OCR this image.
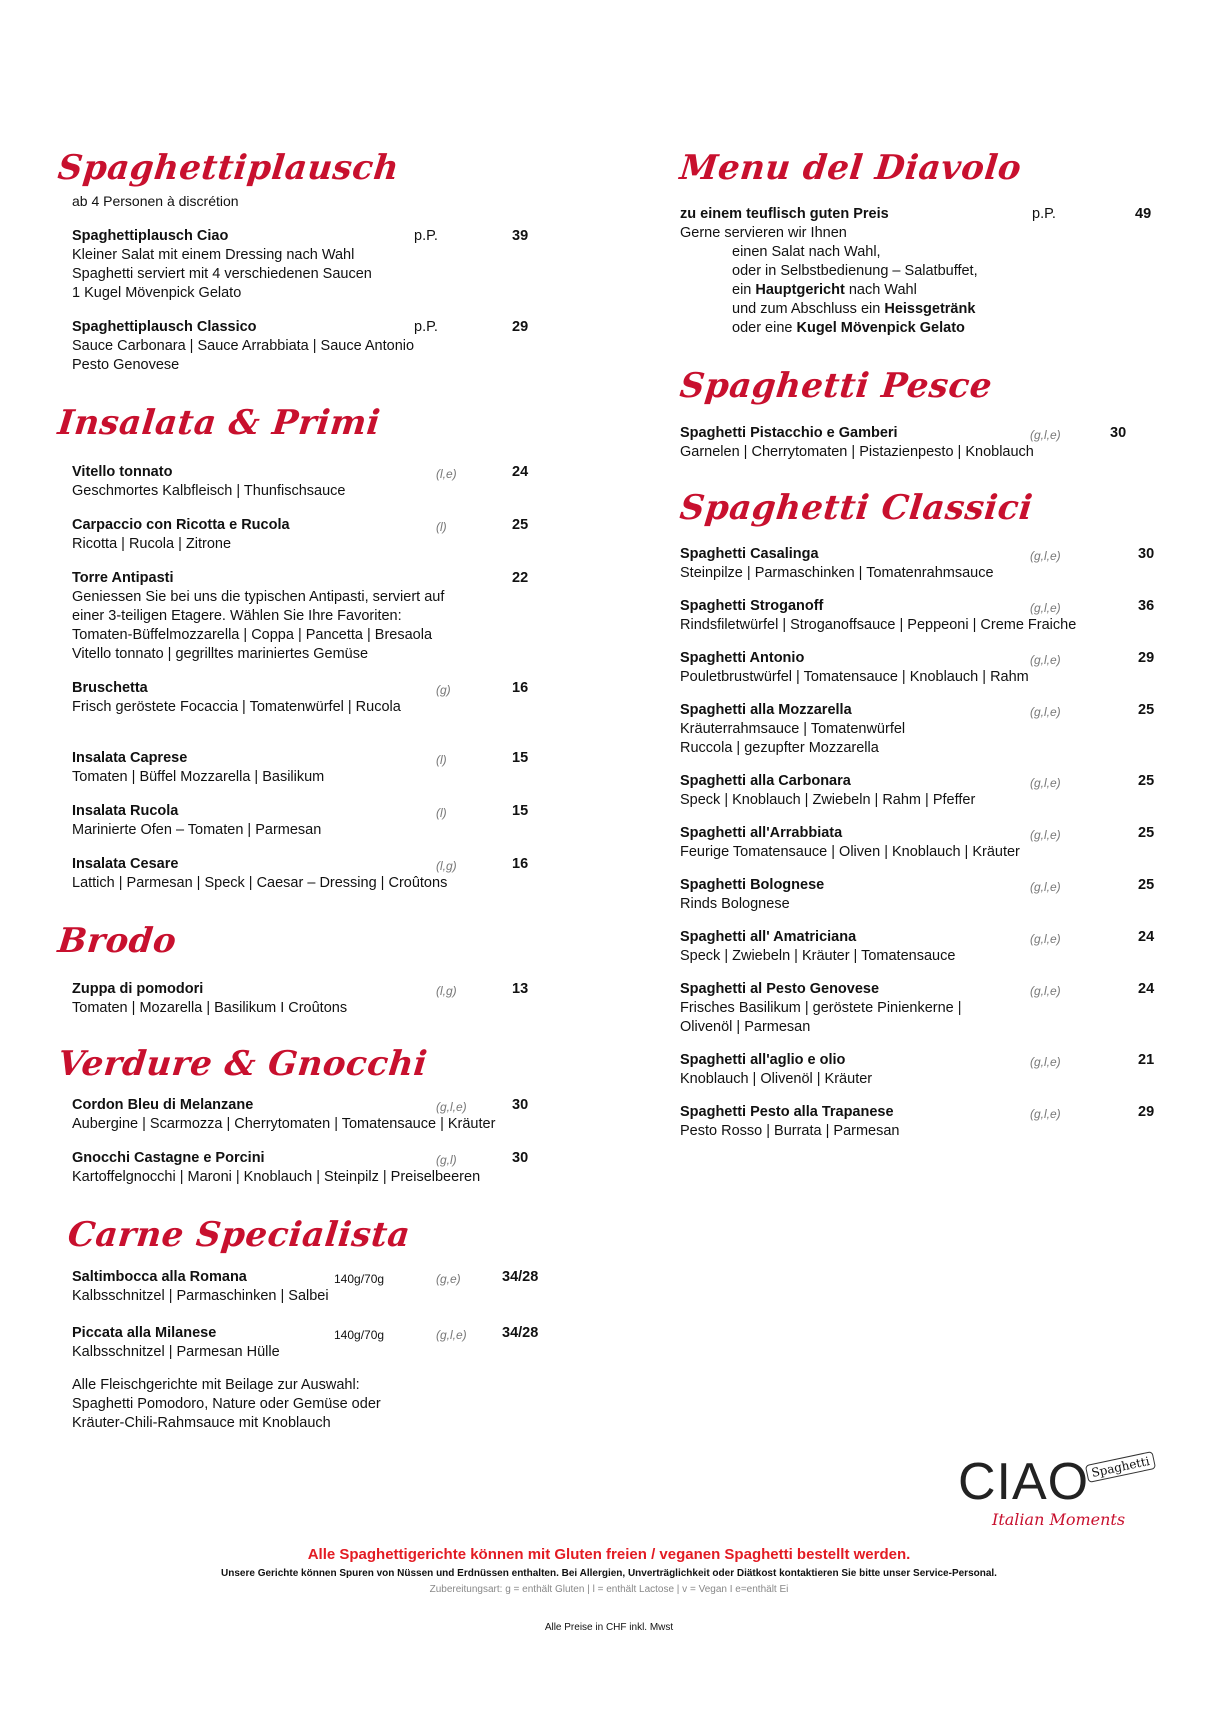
Spaghettiplausch
ab 4 Personen à discrétion
Spaghettiplausch Ciao	p.P.	39
Kleiner Salat mit einem Dressing nach Wahl
Spaghetti serviert mit 4 verschiedenen Saucen
1 Kugel Mövenpick Gelato
Spaghettiplausch Classico	p.P.	29
Sauce Carbonara | Sauce Arrabbiata | Sauce Antonio
Pesto Genovese
Insalata & Primi
Vitello tonnato	(l,e)	24
Geschmortes Kalbfleisch | Thunfischsauce
Carpaccio con Ricotta e Rucola	(l)	25
Ricotta | Rucola | Zitrone
Torre Antipasti	22
Geniessen Sie bei uns die typischen Antipasti, serviert auf
einer 3-teiligen Etagere. Wählen Sie Ihre Favoriten:
Tomaten-Büffelmozzarella | Coppa | Pancetta | Bresaola
Vitello tonnato | gegrilltes mariniertes Gemüse
Bruschetta	(g)	16
Frisch geröstete Focaccia | Tomatenwürfel | Rucola
Insalata Caprese	(l)	15
Tomaten | Büffel Mozzarella | Basilikum
Insalata Rucola	(l)	15
Marinierte Ofen – Tomaten | Parmesan
Insalata Cesare	(l,g)	16
Lattich | Parmesan | Speck | Caesar – Dressing | Croûtons
Brodo
Zuppa di pomodori	(l,g)	13
Tomaten | Mozarella | Basilikum I Croûtons
Verdure & Gnocchi
Cordon Bleu di Melanzane	(g,l,e)	30
Aubergine | Scarmozza | Cherrytomaten | Tomatensauce | Kräuter
Gnocchi Castagne e Porcini	(g,l)	30
Kartoffelgnocchi | Maroni | Knoblauch | Steinpilz | Preiselbeeren
Carne Specialista
Saltimbocca alla Romana	140g/70g	(g,e)	34/28
Kalbsschnitzel | Parmaschinken | Salbei
Piccata alla Milanese	140g/70g	(g,l,e) 34/28
Kalbsschnitzel | Parmesan Hülle
Alle Fleischgerichte mit Beilage zur Auswahl:
Spaghetti Pomodoro, Nature oder Gemüse oder
Kräuter-Chili-Rahmsauce mit Knoblauch
Menu del Diavolo
zu einem teuflisch guten Preis	p.P.	49
Gerne servieren wir Ihnen
einen Salat nach Wahl,
oder in Selbstbedienung – Salatbuffet,
ein Hauptgericht nach Wahl
und zum Abschluss ein Heissgetränk
oder eine Kugel Mövenpick Gelato
Spaghetti Pesce
Spaghetti Pistacchio e Gamberi	(g,l,e)	30
Garnelen | Cherrytomaten | Pistazienpesto | Knoblauch
Spaghetti Classici
Spaghetti Casalinga	(g,l,e)	30
Steinpilze | Parmaschinken | Tomatenrahmsauce
Spaghetti Stroganoff	(g,l,e)	36
Rindsfiletwürfel | Stroganoffsauce | Peppeoni | Creme Fraiche
Spaghetti Antonio	(g,l,e)	29
Pouletbrustwürfel | Tomatensauce | Knoblauch | Rahm
Spaghetti alla Mozzarella	(g,l,e)	25
Kräuterrahmsauce | Tomatenwürfel
Ruccola | gezupfter Mozzarella
Spaghetti alla Carbonara	(g,l,e)	25
Speck | Knoblauch | Zwiebeln | Rahm | Pfeffer
Spaghetti all'Arrabbiata	(g,l,e)	25
Feurige Tomatensauce | Oliven | Knoblauch | Kräuter
Spaghetti Bolognese	(g,l,e)	25
Rinds Bolognese
Spaghetti all' Amatriciana	(g,l,e)	24
Speck | Zwiebeln | Kräuter | Tomatensauce
Spaghetti al Pesto Genovese	(g,l,e)	24
Frisches Basilikum | geröstete Pinienkerne |
Olivenöl | Parmesan
Spaghetti all'aglio e olio	(g,l,e)	21
Knoblauch | Olivenöl | Kräuter
Spaghetti Pesto alla Trapanese	(g,l,e)	29
Pesto Rosso | Burrata | Parmesan
CIAO Spaghetti
Italian Moments
Alle Spaghettigerichte können mit Gluten freien / veganen Spaghetti bestellt werden.
Unsere Gerichte können Spuren von Nüssen und Erdnüssen enthalten. Bei Allergien, Unverträglichkeit oder Diätkost kontaktieren Sie bitte unser Service-Personal.
Zubereitungsart: g = enthält Gluten | l = enthält Lactose | v = Vegan I e=enthält Ei
Alle Preise in CHF inkl. Mwst
